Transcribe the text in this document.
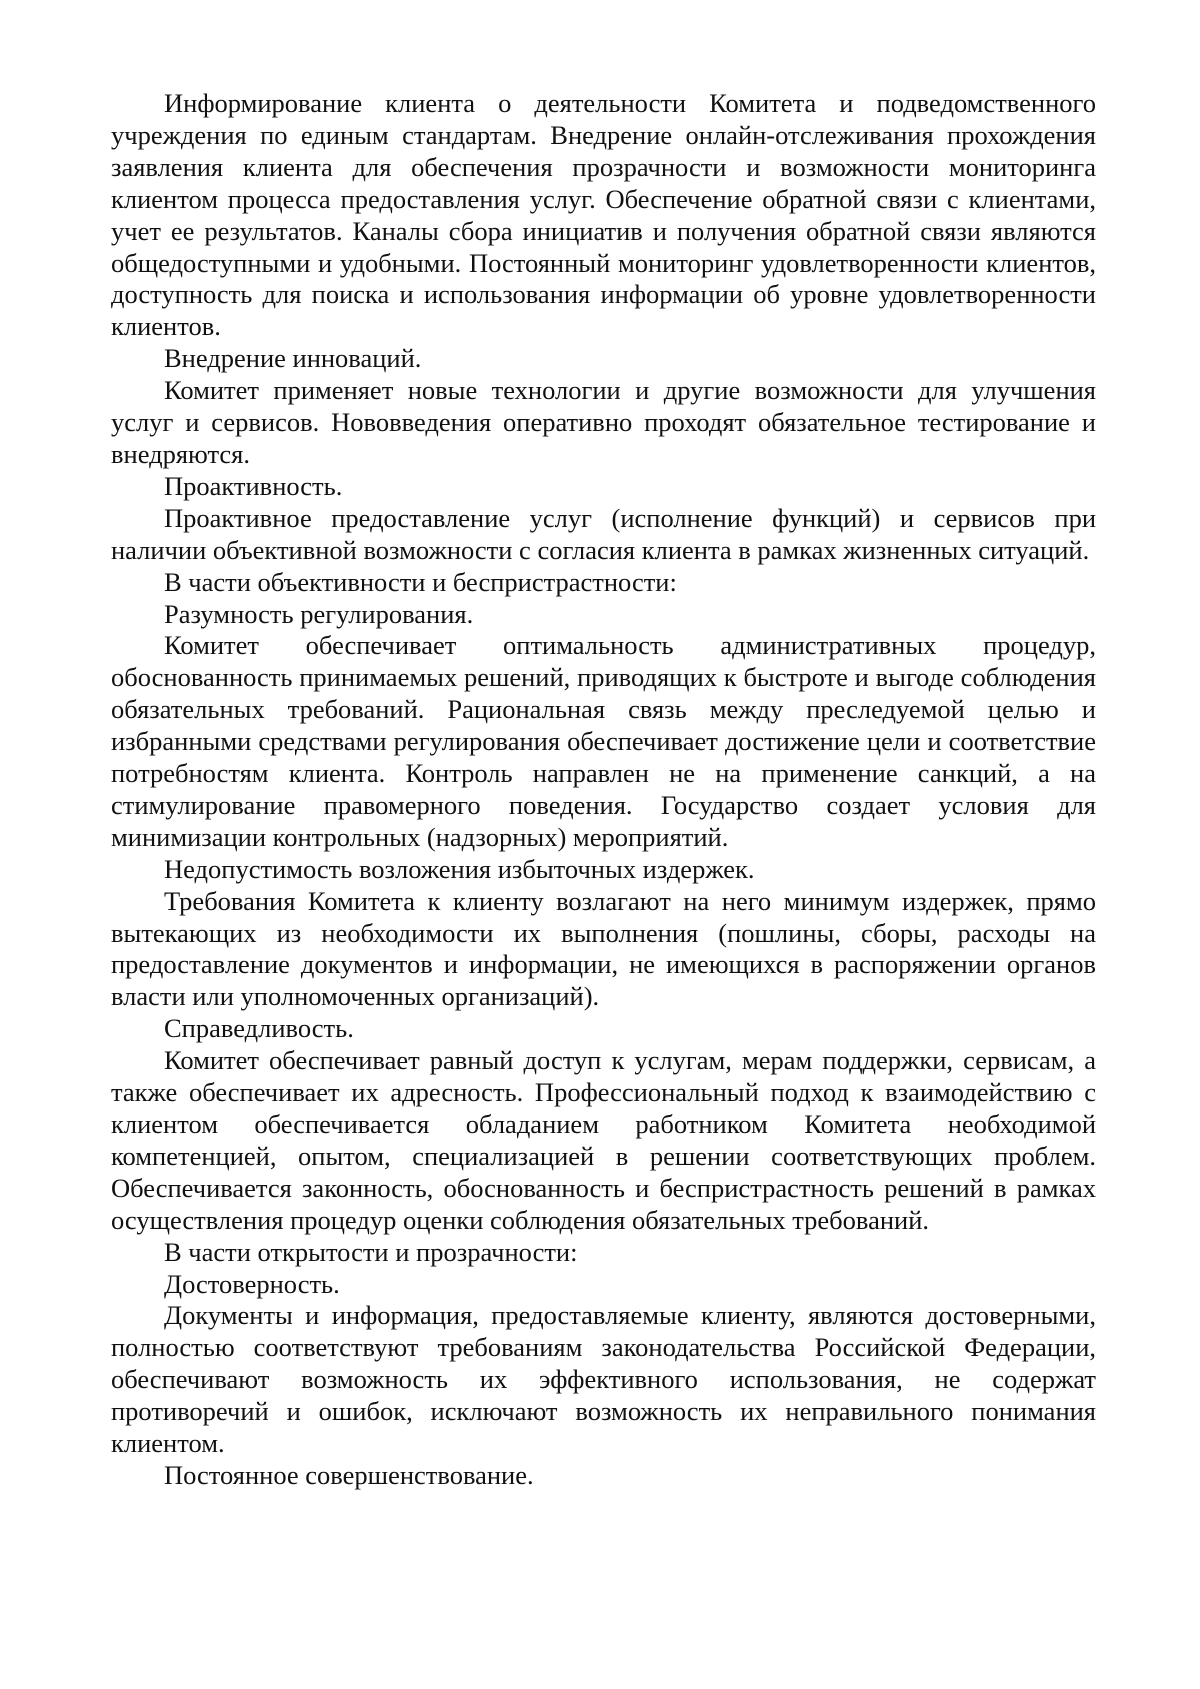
Информирование клиента о деятельности Комитета и подведомственного учреждения по единым стандартам. Внедрение онлайн-отслеживания прохождения заявления клиента для обеспечения прозрачности и возможности мониторинга клиентом процесса предоставления услуг. Обеспечение обратной связи с клиентами, учет ее результатов. Каналы сбора инициатив и получения обратной связи являются общедоступными и удобными. Постоянный мониторинг удовлетворенности клиентов, доступность для поиска и использования информации об уровне удовлетворенности клиентов.

Внедрение инноваций.

Комитет применяет новые технологии и другие возможности для улучшения услуг и сервисов. Нововведения оперативно проходят обязательное тестирование и внедряются.

Проактивность.

Проактивное предоставление услуг (исполнение функций) и сервисов при наличии объективной возможности с согласия клиента в рамках жизненных ситуаций.

В части объективности и беспристрастности:

Разумность регулирования.

Комитет обеспечивает оптимальность административных процедур, обоснованность принимаемых решений, приводящих к быстроте и выгоде соблюдения обязательных требований. Рациональная связь между преследуемой целью и избранными средствами регулирования обеспечивает достижение цели и соответствие потребностям клиента. Контроль направлен не на применение санкций, а на стимулирование правомерного поведения. Государство создает условия для минимизации контрольных (надзорных) мероприятий.

Недопустимость возложения избыточных издержек.

Требования Комитета к клиенту возлагают на него минимум издержек, прямо вытекающих из необходимости их выполнения (пошлины, сборы, расходы на предоставление документов и информации, не имеющихся в распоряжении органов власти или уполномоченных организаций).

Справедливость.

Комитет обеспечивает равный доступ к услугам, мерам поддержки, сервисам, а также обеспечивает их адресность. Профессиональный подход к взаимодействию с клиентом обеспечивается обладанием работником Комитета необходимой компетенцией, опытом, специализацией в решении соответствующих проблем. Обеспечивается законность, обоснованность и беспристрастность решений в рамках осуществления процедур оценки соблюдения обязательных требований.

В части открытости и прозрачности:

Достоверность.

Документы и информация, предоставляемые клиенту, являются достоверными, полностью соответствуют требованиям законодательства Российской Федерации, обеспечивают возможность их эффективного использования, не содержат противоречий и ошибок, исключают возможность их неправильного понимания клиентом.

Постоянное совершенствование.
